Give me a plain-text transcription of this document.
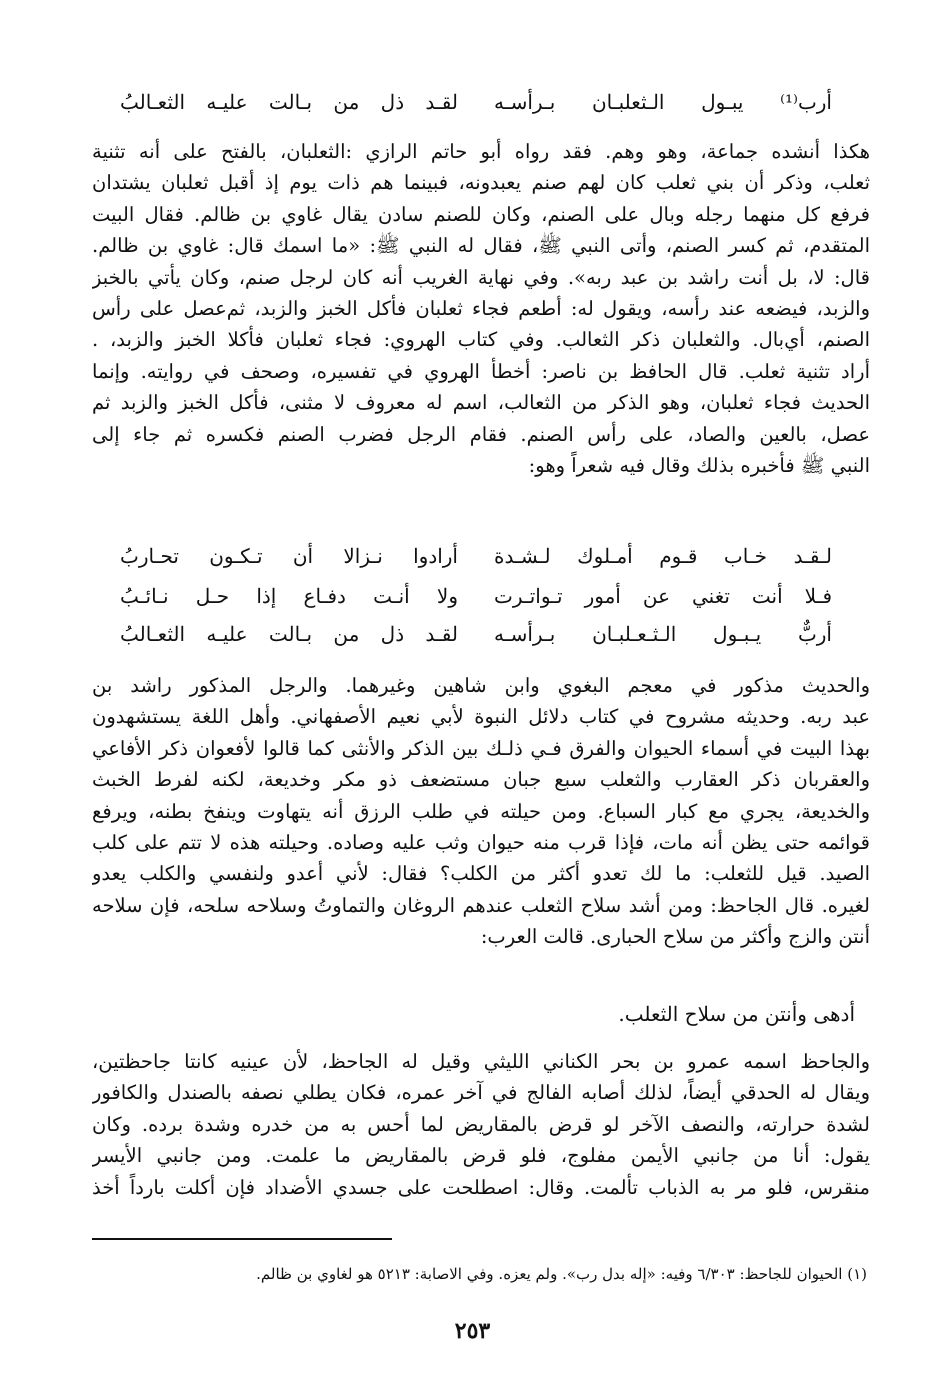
أرب⁽¹⁾ يبـول الـثعلبـان بـرأسـه
لقـد ذل من بـالت عليـه الثعـالبُ
هكذا أنشده جماعة، وهو وهم. فقد رواه أبو حاتم الرازي :الثعلبان، بالفتح على أنه تثنية
ثعلب، وذكر أن بني ثعلب كان لهم صنم يعبدونه، فبينما هم ذات يوم إذ أقبل ثعلبان يشتدان
فرفع كل منهما رجله وبال على الصنم، وكان للصنم سادن يقال غاوي بن ظالم. فقال البيت
المتقدم، ثم كسر الصنم، وأتى النبي ﷺ، فقال له النبي ﷺ: «ما اسمك قال: غاوي بن ظالم.
قال: لا، بل أنت راشد بن عبد ربه». وفي نهاية الغريب أنه كان لرجل صنم، وكان يأتي بالخبز
والزبد، فيضعه عند رأسه، ويقول له: أطعم فجاء ثعلبان فأكل الخبز والزبد، ثم‌عصل على رأس
الصنم، أي‌بال. والثعلبان ذكر الثعالب. وفي كتاب الهروي: فجاء ثعلبان فأكلا الخبز والزبد، .
أراد تثنية ثعلب. قال الحافظ بن ناصر: أخطأ الهروي في تفسيره، وصحف في روايته. وإنما
الحديث فجاء ثعلبان، وهو الذكر من الثعالب، اسم له معروف لا مثنى، فأكل الخبز والزبد ثم
عصل، بالعين والصاد، على رأس الصنم. فقام الرجل فضرب الصنم فكسره ثم جاء إلى
النبي ﷺ فأخبره بذلك وقال فيه شعراً وهو:
لـقـد خـاب قـوم أمـلوك لـشـدة
أرادوا نـزالا أن تـكـون تحـاربُ
فـلا أنت تغني عن أمور تـواتـرت
ولا أنـت دفـاع إذا حـل نـائـبُ
أربٌّ يـبـول الـثـعـلبـان بـرأسـه
لقـد ذل من بـالت عليـه الثعـالبُ
والحديث مذكور في معجم البغوي وابن شاهين وغيرهما. والرجل المذكور راشد بن
عبد ربه. وحديثه مشروح في كتاب دلائل النبوة لأبي نعيم الأصفهاني. وأهل اللغة يستشهدون
بهذا البيت في أسماء الحيوان والفرق فـي ذلـك بين الذكر والأنثى كما قالوا لأفعوان ذكر الأفاعي
والعقربان ذكر العقارب والثعلب سبع جبان مستضعف ذو مكر وخديعة، لكنه لفرط الخبث
والخديعة، يجري مع كبار السباع. ومن حيلته في طلب الرزق أنه يتهاوت وينفخ بطنه، ويرفع
قوائمه حتى يظن أنه مات، فإذا قرب منه حيوان وثب عليه وصاده. وحيلته هذه لا تتم على كلب
الصيد. قيل للثعلب: ما لك تعدو أكثر من الكلب؟ فقال: لأني أعدو ولنفسي والكلب يعدو
لغيره. قال الجاحظ: ومن أشد سلاح الثعلب عندهم الروغان والتماوتُ وسلاحه سلحه، فإن سلاحه
أنتن والزج وأكثر من سلاح الحبارى. قالت العرب:
أدهى وأنتن من سلاح الثعلب.
والجاحظ اسمه عمرو بن بحر الكناني الليثي وقيل له الجاحظ، لأن عينيه كانتا جاحظتين،
ويقال له الحدقي أيضاً، لذلك أصابه الفالج في آخر عمره، فكان يطلي نصفه بالصندل والكافور
لشدة حرارته، والنصف الآخر لو قرض بالمقاريض لما أحس به من خدره وشدة برده. وكان
يقول: أنا من جانبي الأيمن مفلوج، فلو قرض بالمقاريض ما علمت. ومن جانبي الأيسر
منقرس، فلو مر به الذباب تألمت. وقال: اصطلحت على جسدي الأضداد فإن أكلت بارداً أخذ
(١) الحيوان للجاحظ: ٦/٣٠٣ وفيه: «إله بدل رب». ولم يعزه. وفي الاصابة: ٥٢١٣ هو لغاوي بن ظالم.
٢٥٣
